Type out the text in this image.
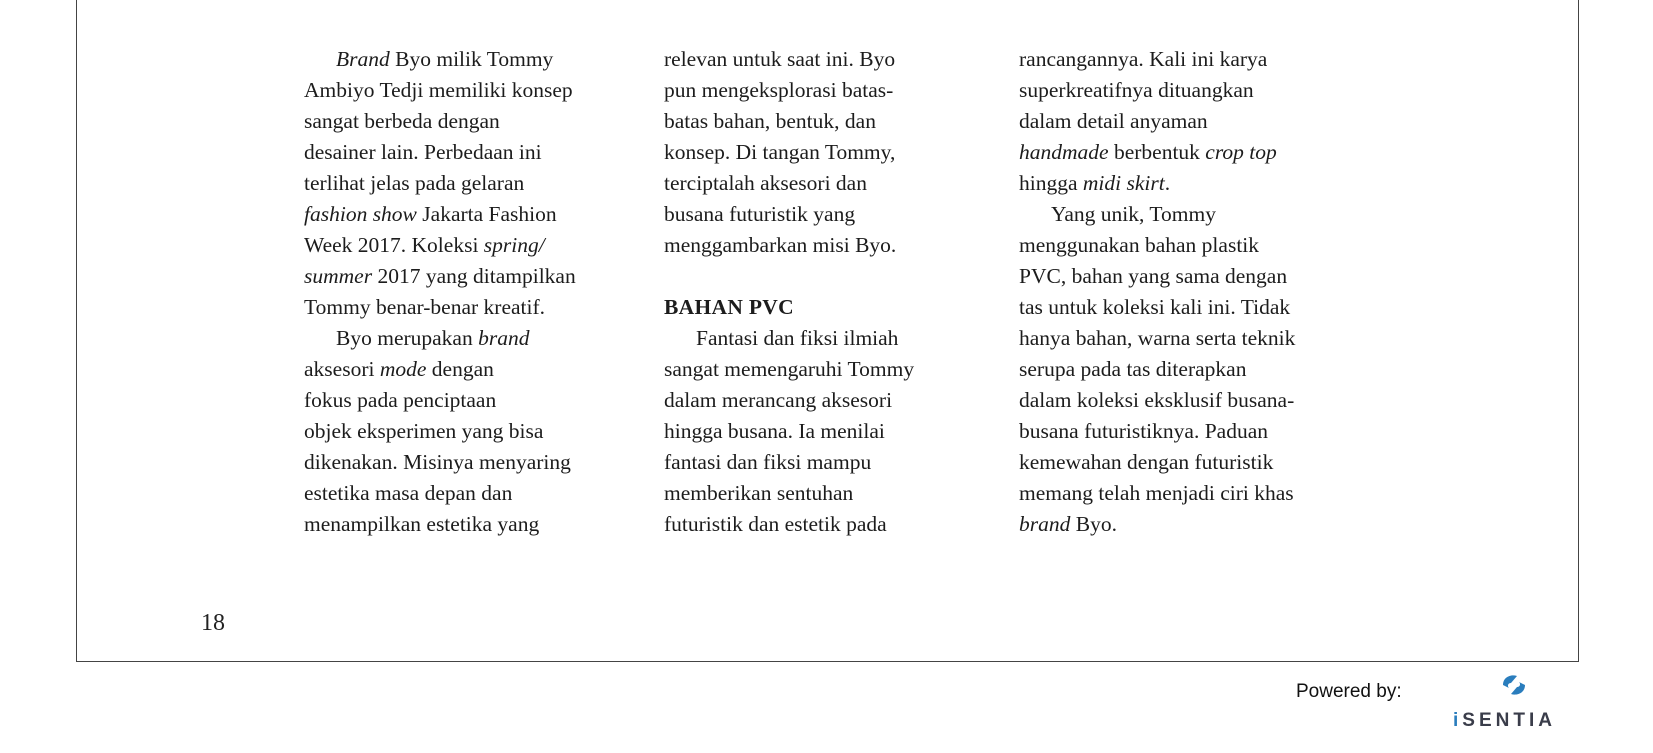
Brand Byo milik Tommy
Ambiyo Tedji memiliki konsep
sangat berbeda dengan
desainer lain. Perbedaan ini
terlihat jelas pada gelaran
fashion show Jakarta Fashion
Week 2017. Koleksi spring/
summer 2017 yang ditampilkan
Tommy benar-benar kreatif.
Byo merupakan brand
aksesori mode dengan
fokus pada penciptaan
objek eksperimen yang bisa
dikenakan. Misinya menyaring
estetika masa depan dan
menampilkan estetika yang
relevan untuk saat ini. Byo
pun mengeksplorasi batas-
batas bahan, bentuk, dan
konsep. Di tangan Tommy,
terciptalah aksesori dan
busana futuristik yang
menggambarkan misi Byo.
BAHAN PVC
Fantasi dan fiksi ilmiah
sangat memengaruhi Tommy
dalam merancang aksesori
hingga busana. Ia menilai
fantasi dan fiksi mampu
memberikan sentuhan
futuristik dan estetik pada
rancangannya. Kali ini karya
superkreatifnya dituangkan
dalam detail anyaman
handmade berbentuk crop top
hingga midi skirt.
Yang unik, Tommy
menggunakan bahan plastik
PVC, bahan yang sama dengan
tas untuk koleksi kali ini. Tidak
hanya bahan, warna serta teknik
serupa pada tas diterapkan
dalam koleksi eksklusif busana-
busana futuristiknya. Paduan
kemewahan dengan futuristik
memang telah menjadi ciri khas
brand Byo.
18
Powered by:
iSENTIA
